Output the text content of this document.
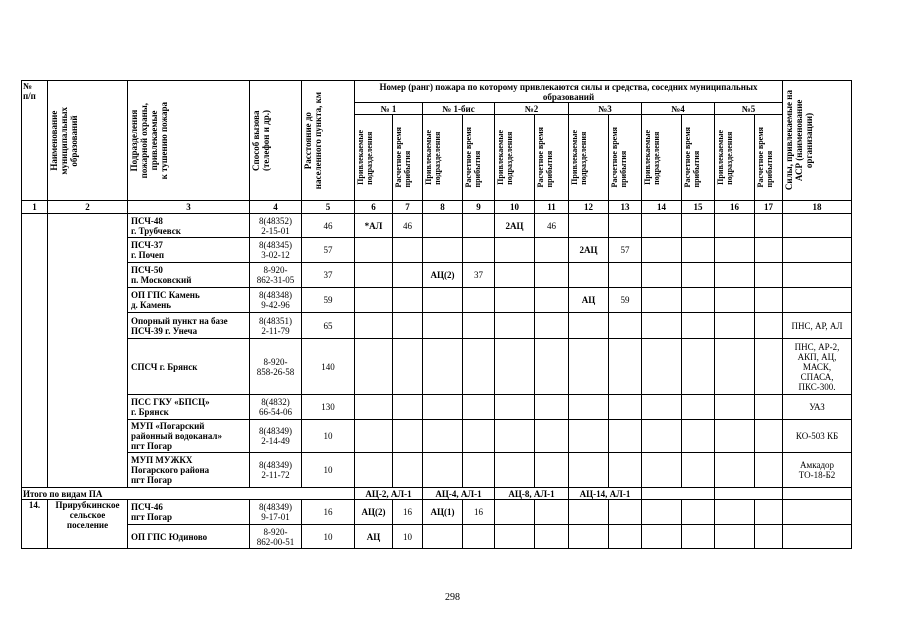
№
п/п	Наименование
муниципальных
образований	Подразделения
пожарной охраны,
привлекаемые
к тушению пожара	Способ вызова
(телефон и др.)	Расстояние до
населенного пункта, км	Номер (ранг) пожара по которому привлекаются силы и средства, соседних муниципальных образований												Силы, привлекаемые на
АСР (наименование
организации)

					№ 1		№ 1-бис		№2		№3		№4		№5		

					Привлекаемые
подразделения	Расчетное время
прибытия	Привлекаемые
подразделения	Расчетное время
прибытия	Привлекаемые
подразделения	Расчетное время
прибытия	Привлекаемые
подразделения	Расчетное время
прибытия	Привлекаемые
подразделения	Расчетное время
прибытия	Привлекаемые
подразделения	Расчетное время
прибытия	

1	2	3	4	5	6	7	8	9	10	11	12	13	14	15	16	17	18

		ПСЧ-48
г. Трубчевск	8(48352)
2-15-01	46	*АЛ	46			2АЦ	46							

		ПСЧ-37
г. Почеп	8(48345)
3-02-12	57							2АЦ	57					

		ПСЧ-50
п. Московский	8-920-
862-31-05	37			АЦ(2)	37									

		ОП ГПС Камень
д. Камень	8(48348)
9-42-96	59							АЦ	59					

		Опорный пункт на базе
ПСЧ-39 г. Унеча	8(48351)
2-11-79	65													ПНС, АР, АЛ

		СПСЧ г. Брянск	8-920-
858-26-58	140													ПНС, АР-2,
АКП, АЦ,
МАСК,
СПАСА,
ПКС-300.

		ПСС ГКУ «БПСЦ»
г. Брянск	8(4832)
66-54-06	130													УАЗ

		МУП «Погарский
районный водоканал»
пгт Погар	8(48349)
2-14-49	10													КО-503 КБ

		МУП МУЖКХ
Погарского района
пгт Погар	8(48349)
2-11-72	10													Амкадор
ТО-18-Б2

Итого по видам ПА					АЦ-2, АЛ-1		АЦ-4, АЛ-1		АЦ-8, АЛ-1		АЦ-14, АЛ-1						
14.	Прирубкинское
сельское
поселение	ПСЧ-46
пгт Погар	8(48349)
9-17-01	16	АЦ(2)	16	АЦ(1)	16									

		ОП ГПС Юдиново	8-920-
862-00-51	10	АЦ	10											
298
